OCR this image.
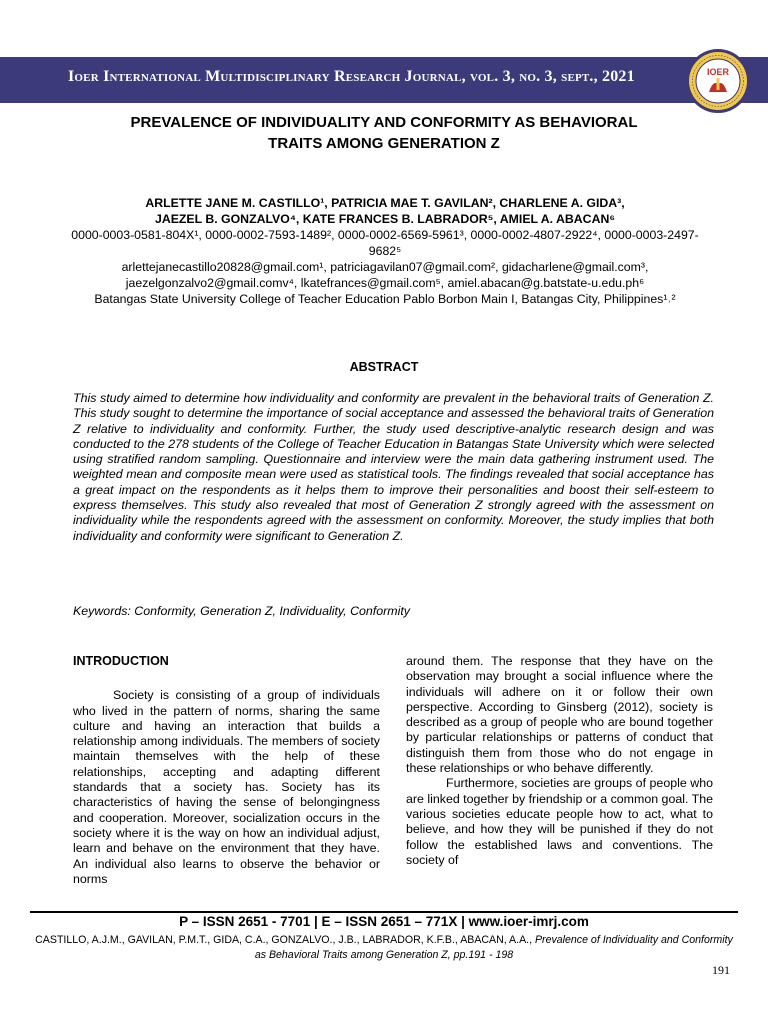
Ioer International Multidisciplinary Research Journal, vol. 3, no. 3, sept., 2021	IOER
PREVALENCE OF INDIVIDUALITY AND CONFORMITY AS BEHAVIORAL
TRAITS AMONG GENERATION Z
ARLETTE JANE M. CASTILLO¹, PATRICIA MAE T. GAVILAN², CHARLENE A. GIDA³,
JAEZEL B. GONZALVO⁴, KATE FRANCES B. LABRADOR⁵, AMIEL A. ABACAN⁶
0000-0003-0581-804X¹, 0000-0002-7593-1489², 0000-0002-6569-5961³, 0000-0002-4807-2922⁴, 0000-0003-2497-9682⁵
arlettejanecastillo20828@gmail.com¹, patriciagavilan07@gmail.com², gidacharlene@gmail.com³, jaezelgonzalvo2@gmail.comv⁴, lkatefrances@gmail.com⁵, amiel.abacan@g.batstate-u.edu.ph⁶
Batangas State University College of Teacher Education Pablo Borbon Main I, Batangas City, Philippines¹˒²
ABSTRACT
This study aimed to determine how individuality and conformity are prevalent in the behavioral traits of Generation Z. This study sought to determine the importance of social acceptance and assessed the behavioral traits of Generation Z relative to individuality and conformity. Further, the study used descriptive-analytic research design and was conducted to the 278 students of the College of Teacher Education in Batangas State University which were selected using stratified random sampling. Questionnaire and interview were the main data gathering instrument used. The weighted mean and composite mean were used as statistical tools. The findings revealed that social acceptance has a great impact on the respondents as it helps them to improve their personalities and boost their self-esteem to express themselves. This study also revealed that most of Generation Z strongly agreed with the assessment on individuality while the respondents agreed with the assessment on conformity. Moreover, the study implies that both individuality and conformity were significant to Generation Z.
Keywords: Conformity, Generation Z, Individuality, Conformity
INTRODUCTION

Society is consisting of a group of individuals who lived in the pattern of norms, sharing the same culture and having an interaction that builds a relationship among individuals. The members of society maintain themselves with the help of these relationships, accepting and adapting different standards that a society has. Society has its characteristics of having the sense of belongingness and cooperation. Moreover, socialization occurs in the society where it is the way on how an individual adjust, learn and behave on the environment that they have. An individual also learns to observe the behavior or norms

around them. The response that they have on the observation may brought a social influence where the individuals will adhere on it or follow their own perspective. According to Ginsberg (2012), society is described as a group of people who are bound together by particular relationships or patterns of conduct that distinguish them from those who do not engage in these relationships or who behave differently.

Furthermore, societies are groups of people who are linked together by friendship or a common goal. The various societies educate people how to act, what to believe, and how they will be punished if they do not follow the established laws and conventions. The society of

P – ISSN 2651 - 7701 | E – ISSN 2651 – 771X | www.ioer-imrj.com
CASTILLO, A.J.M., GAVILAN, P.M.T., GIDA, C.A., GONZALVO., J.B., LABRADOR, K.F.B., ABACAN, A.A., Prevalence of Individuality and Conformity as Behavioral Traits among Generation Z, pp.191 - 198
191
